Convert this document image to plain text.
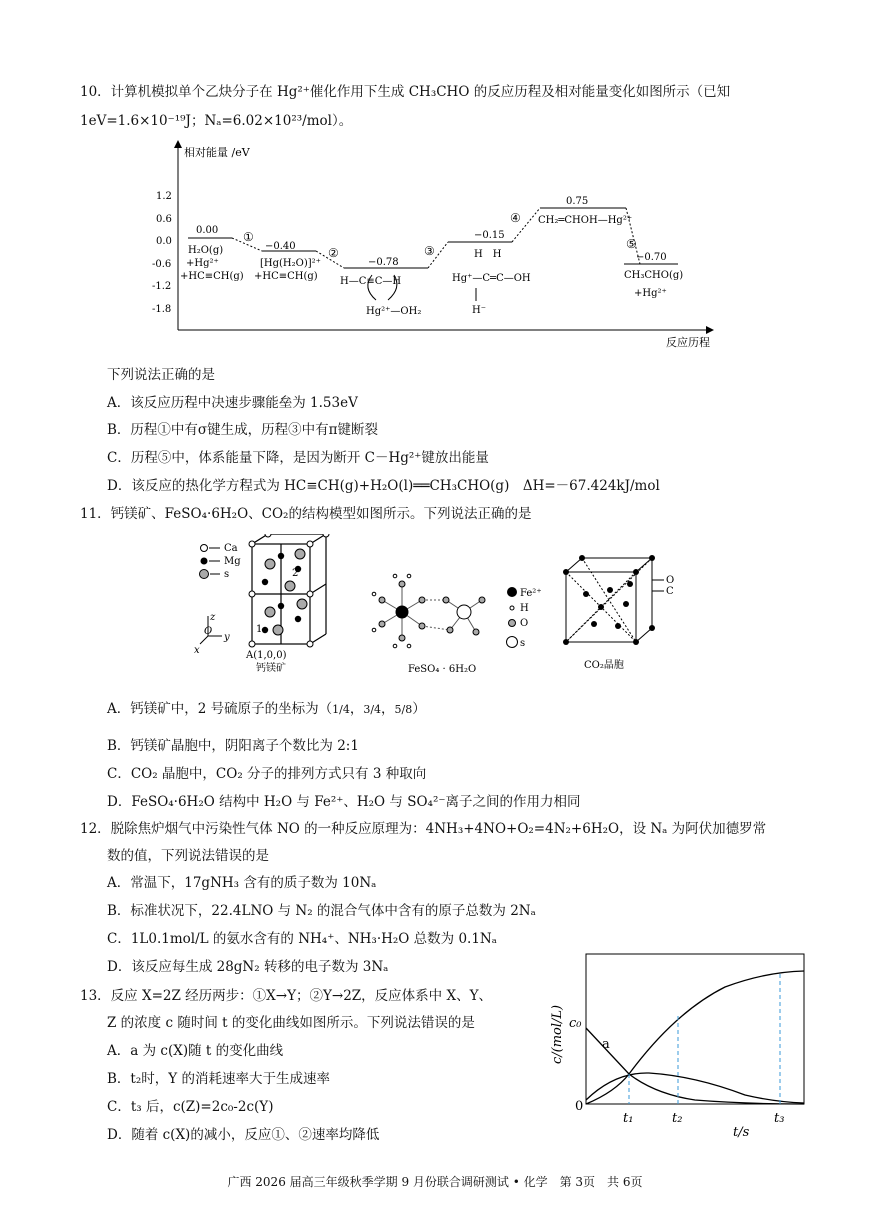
10．计算机模拟单个乙炔分子在 Hg²⁺催化作用下生成 CH₃CHO 的反应历程及相对能量变化如图所示（已知
1eV=1.6×10⁻¹⁹J；Nₐ=6.02×10²³/mol）。
相对能量 /eV
反应历程
1.2
0.6
0.0
-0.6
-1.2
-1.8
0.00
−0.40
−0.78
−0.15
0.75
−0.70
①
②	③
④
⑤
H₂O(g)
+Hg²⁺
+HC≡CH(g)
[Hg(H₂O)]²⁺
+HC≡CH(g) H—C≡C—H
Hg²⁺—OH₂
H　H
Hg⁺—C═C—OH
H⁻
CH₂═CHOH—Hg²⁺
CH₃CHO(g)
+Hg²⁺
下列说法正确的是
A．该反应历程中决速步骤能垒为 1.53eV
B．历程①中有σ键生成，历程③中有π键断裂
C．历程⑤中，体系能量下降，是因为断开 C－Hg²⁺键放出能量
D．该反应的热化学方程式为 HC≡CH(g)+H₂O(l)══CH₃CHO(g)　ΔH=－67.424kJ/mol
11．钙镁矿、FeSO₄·6H₂O、CO₂的结构模型如图所示。下列说法正确的是
Ca
Mg
s
z
O
y
x
2
1
A(1,0,0)
钙镁矿
Fe²⁺
H
O
s
FeSO₄ · 6H₂O
O
C
CO₂晶胞
A．钙镁矿中，2 号硫原子的坐标为（1/4，3/4，5/8）
B．钙镁矿晶胞中，阴阳离子个数比为 2:1
C．CO₂ 晶胞中，CO₂ 分子的排列方式只有 3 种取向
D．FeSO₄·6H₂O 结构中 H₂O 与 Fe²⁺、H₂O 与 SO₄²⁻离子之间的作用力相同
12．脱除焦炉烟气中污染性气体 NO 的一种反应原理为：4NH₃+4NO+O₂=4N₂+6H₂O，设 Nₐ 为阿伏加德罗常
数的值，下列说法错误的是
A．常温下，17gNH₃ 含有的质子数为 10Nₐ
B．标准状况下，22.4LNO 与 N₂ 的混合气体中含有的原子总数为 2Nₐ
C．1L0.1mol/L 的氨水含有的 NH₄⁺、NH₃·H₂O 总数为 0.1Nₐ
D．该反应每生成 28gN₂ 转移的电子数为 3Nₐ
13．反应 X=2Z 经历两步：①X→Y；②Y→2Z，反应体系中 X、Y、
Z 的浓度 c 随时间 t 的变化曲线如图所示。下列说法错误的是
A．a 为 c(X)随 t 的变化曲线
B．t₂时，Y 的消耗速率大于生成速率
C．t₃ 后，c(Z)=2c₀-2c(Y)
D．随着 c(X)的减小，反应①、②速率均降低
c/(mol/L) c₀
0
a
t₁	t₂	t₃
t/s
广西 2026 届高三年级秋季学期 9 月份联合调研测试 • 化学　第 3页　共 6页
